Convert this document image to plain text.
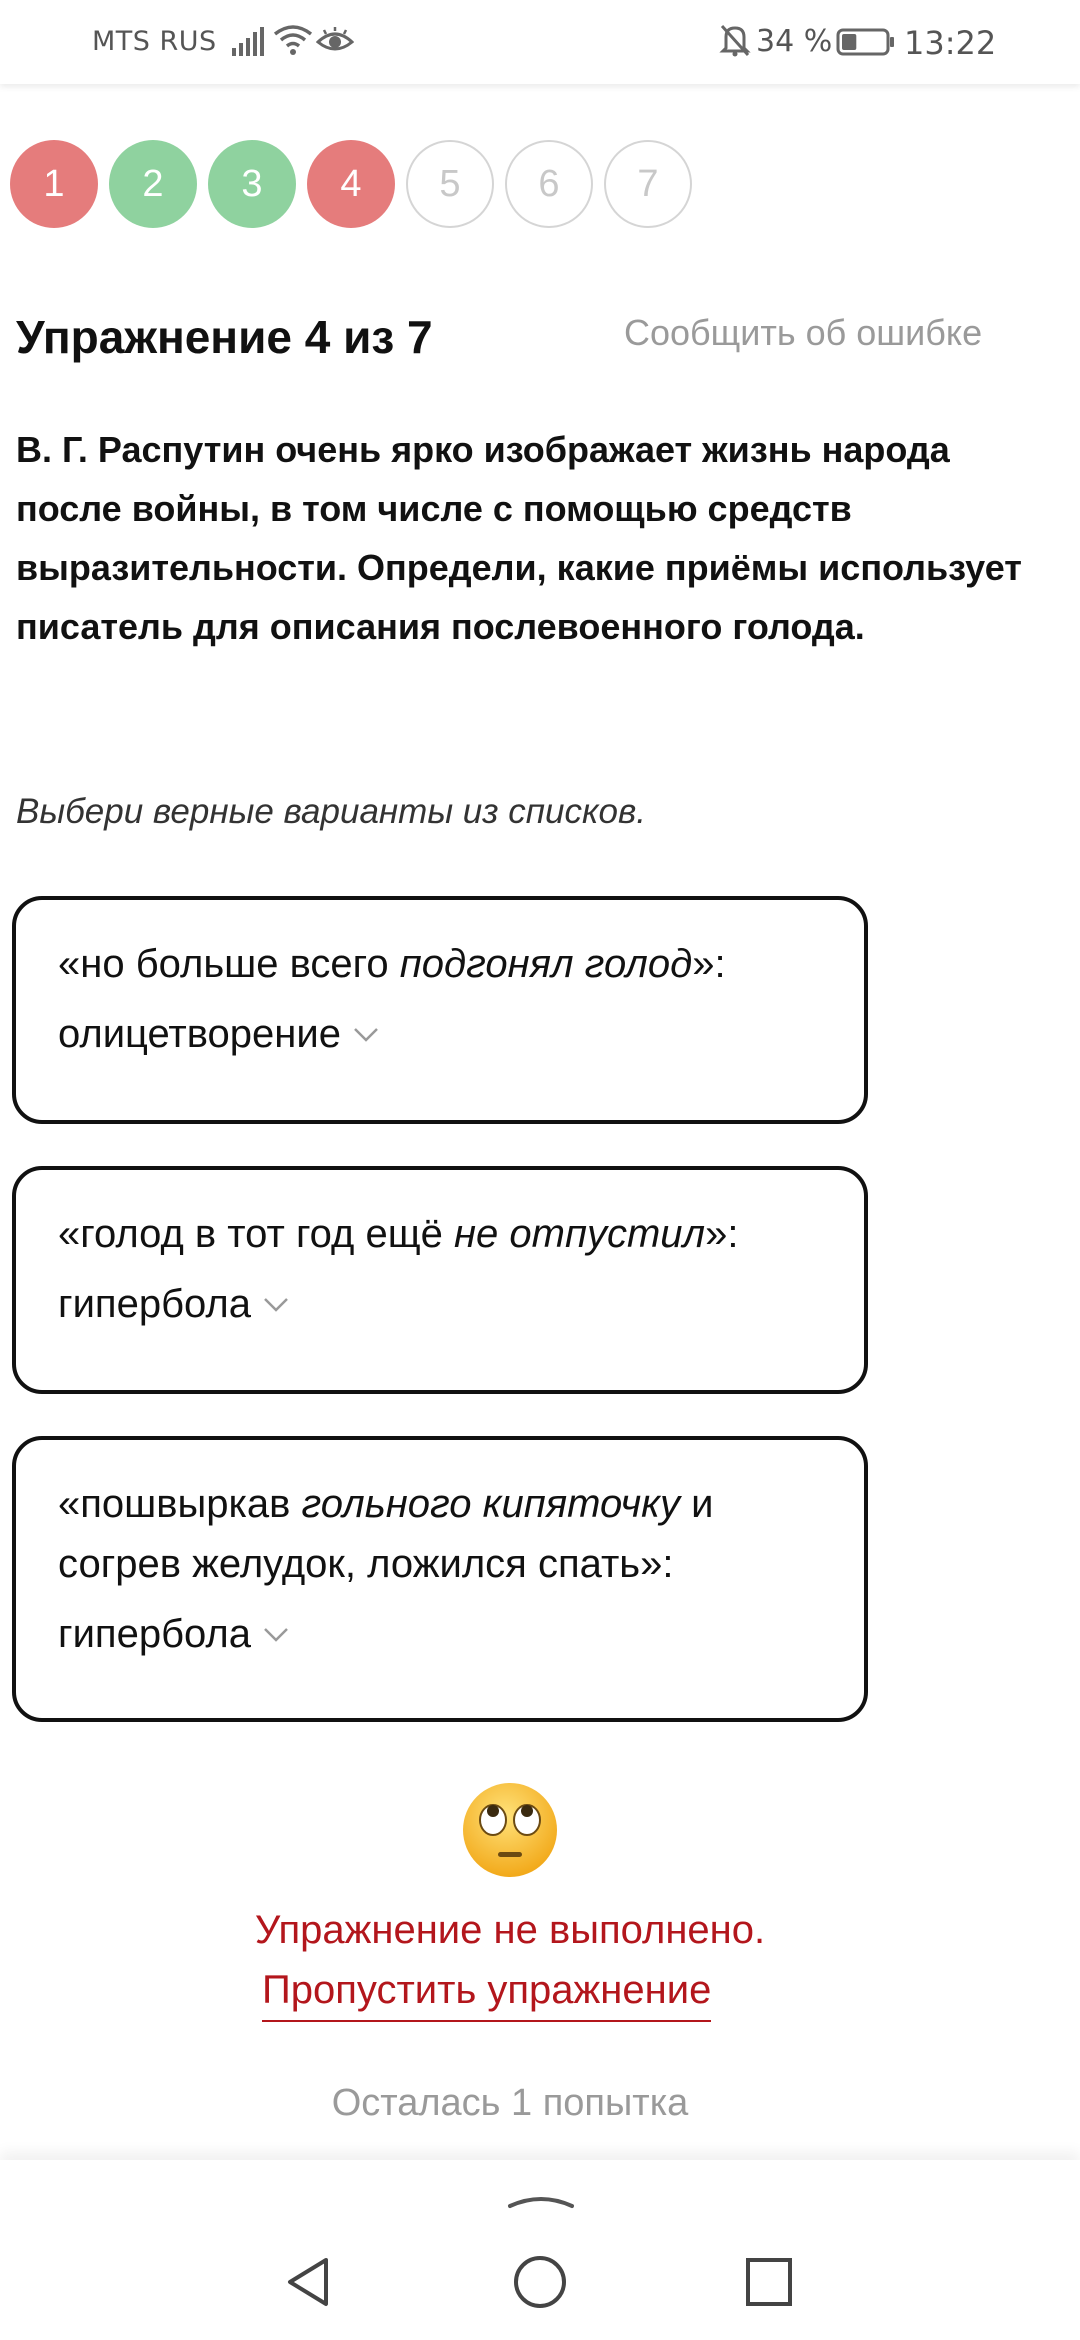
MTS RUS	34 % 13:22
1	2	3	4	5	6	7
Упражнение 4 из 7	Сообщить об ошибке
В. Г. Распутин очень ярко изображает жизнь народа после войны, в том числе с помощью средств выразительности. Определи, какие приёмы использует писатель для описания послевоенного голода.
Выбери верные варианты из списков.
«но больше всего подгонял голод»:
олицетворение
«голод в тот год ещё не отпустил»:
гипербола
«пошвыркав гольного кипяточку и согрев желудок, ложился спать»:
гипербола
Упражнение не выполнено.
Пропустить упражнение
Осталась 1 попытка
